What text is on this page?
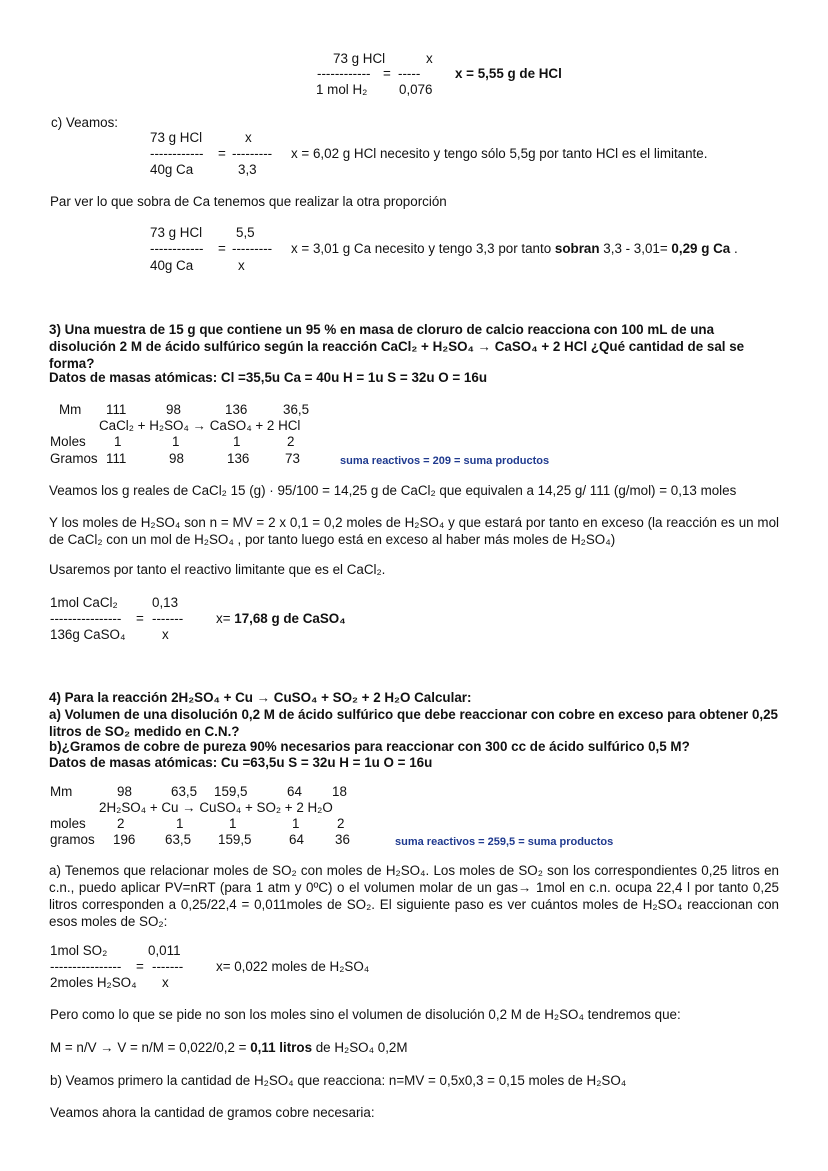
73 g HCl	x
------------ = -----
1 mol H₂ 0,076
x = 5,55 g de HCl
c) Veamos:
73 g HCl	x
------------ = ---------
40g Ca	3,3
x = 6,02 g HCl necesito y tengo sólo 5,5g por tanto HCl es el limitante.
Par ver lo que sobra de Ca tenemos que realizar la otra proporción
73 g HCl	5,5
------------ = ---------
40g Ca	x
x = 3,01 g Ca necesito y tengo 3,3 por tanto sobran 3,3 - 3,01= 0,29 g Ca .
3) Una muestra de 15 g que contiene un 95 % en masa de cloruro de calcio reacciona con 100 mL de una disolución 2 M de ácido sulfúrico según la reacción CaCl₂ + H₂SO₄ → CaSO₄ + 2 HCl ¿Qué cantidad de sal se forma?
Datos de masas atómicas: Cl =35,5u Ca = 40u H = 1u S = 32u O = 16u
Mm 111	98	136	36,5
CaCl₂ + H₂SO₄ → CaSO₄ + 2 HCl
Moles 1	1	1	2
Gramos 111	98	136	73	suma reactivos = 209 = suma productos
Veamos los g reales de CaCl₂ 15 (g) · 95/100 = 14,25 g de CaCl₂ que equivalen a 14,25 g/ 111 (g/mol) = 0,13 moles
Y los moles de H₂SO₄ son n = MV = 2 x 0,1 = 0,2 moles de H₂SO₄ y que estará por tanto en exceso (la reacción es un mol de CaCl₂ con un mol de H₂SO₄ , por tanto luego está en exceso al haber más moles de H₂SO₄)
Usaremos por tanto el reactivo limitante que es el CaCl₂.
1mol CaCl₂	0,13
---------------- = -------
136g CaSO₄	x
x= 17,68 g de CaSO₄
4) Para la reacción 2H₂SO₄ + Cu → CuSO₄ + SO₂ + 2 H₂O Calcular:
a) Volumen de una disolución 0,2 M de ácido sulfúrico que debe reaccionar con cobre en exceso para obtener 0,25 litros de SO₂ medido en C.N.?
b)¿Gramos de cobre de pureza 90% necesarios para reaccionar con 300 cc de ácido sulfúrico 0,5 M?
Datos de masas atómicas: Cu =63,5u S = 32u H = 1u O = 16u
Mm	98	63,5 159,5	64 18
2H₂SO₄ + Cu → CuSO₄ + SO₂ + 2 H₂O
moles 2	1	1	1	2
gramos 196 63,5 159,5	64 36	suma reactivos = 259,5 = suma productos
a) Tenemos que relacionar moles de SO₂ con moles de H₂SO₄. Los moles de SO₂ son los correspondientes 0,25 litros en c.n., puedo aplicar PV=nRT (para 1 atm y 0ºC) o el volumen molar de un gas→ 1mol en c.n. ocupa 22,4 l por tanto 0,25 litros corresponden a 0,25/22,4 = 0,011moles de SO₂. El siguiente paso es ver cuántos moles de H₂SO₄ reaccionan con esos moles de SO₂:
1mol SO₂	0,011
---------------- = -------
2moles H₂SO₄ x
x= 0,022 moles de H₂SO₄
Pero como lo que se pide no son los moles sino el volumen de disolución 0,2 M de H₂SO₄ tendremos que:
M = n/V → V = n/M = 0,022/0,2 = 0,11 litros de H₂SO₄ 0,2M
b) Veamos primero la cantidad de H₂SO₄ que reacciona: n=MV = 0,5x0,3 = 0,15 moles de H₂SO₄
Veamos ahora la cantidad de gramos cobre necesaria:
